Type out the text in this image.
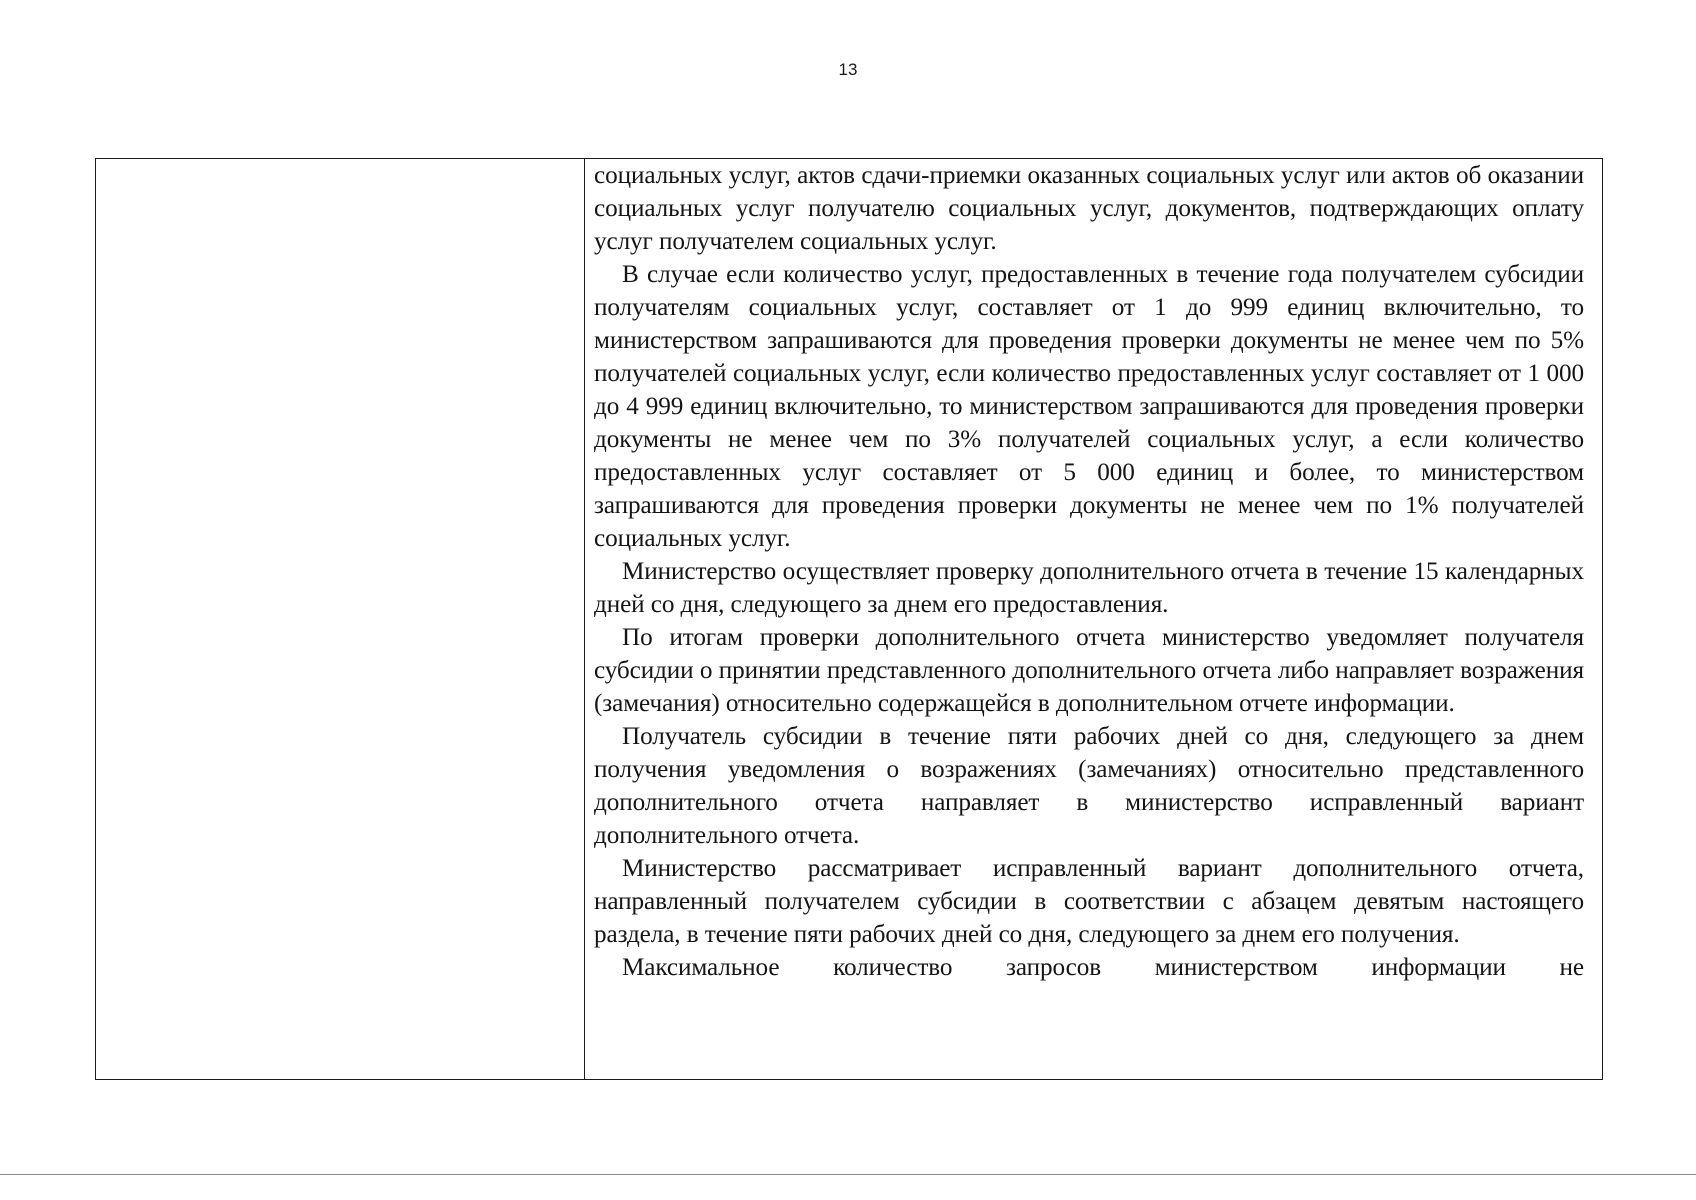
13

социальных услуг, актов сдачи-приемки оказанных социальных услуг или актов об оказании социальных услуг получателю социальных услуг, документов, подтверждающих оплату услуг получателем социальных услуг.

В случае если количество услуг, предоставленных в течение года получателем субсидии получателям социальных услуг, составляет от 1 до 999 единиц включительно, то министерством запрашиваются для проведения проверки документы не менее чем по 5% получателей социальных услуг, если количество предоставленных услуг составляет от 1 000 до 4 999 единиц включительно, то министерством запрашиваются для проведения проверки документы не менее чем по 3% получателей социальных услуг, а если количество предоставленных услуг составляет от 5 000 единиц и более, то министерством запрашиваются для проведения проверки документы не менее чем по 1% получателей социальных услуг.

Министерство осуществляет проверку дополнительного отчета в течение 15 календарных дней со дня, следующего за днем его предоставления.

По итогам проверки дополнительного отчета министерство уведомляет получателя субсидии о принятии представленного дополнительного отчета либо направляет возражения (замечания) относительно содержащейся в дополнительном отчете информации.

Получатель субсидии в течение пяти рабочих дней со дня, следующего за днем получения уведомления о возражениях (замечаниях) относительно представленного дополнительного отчета направляет в министерство исправленный вариант дополнительного отчета.

Министерство рассматривает исправленный вариант дополнительного отчета, направленный получателем субсидии в соответствии с абзацем девятым настоящего раздела, в течение пяти рабочих дней со дня, следующего за днем его получения.

Максимальное количество запросов министерством информации не
